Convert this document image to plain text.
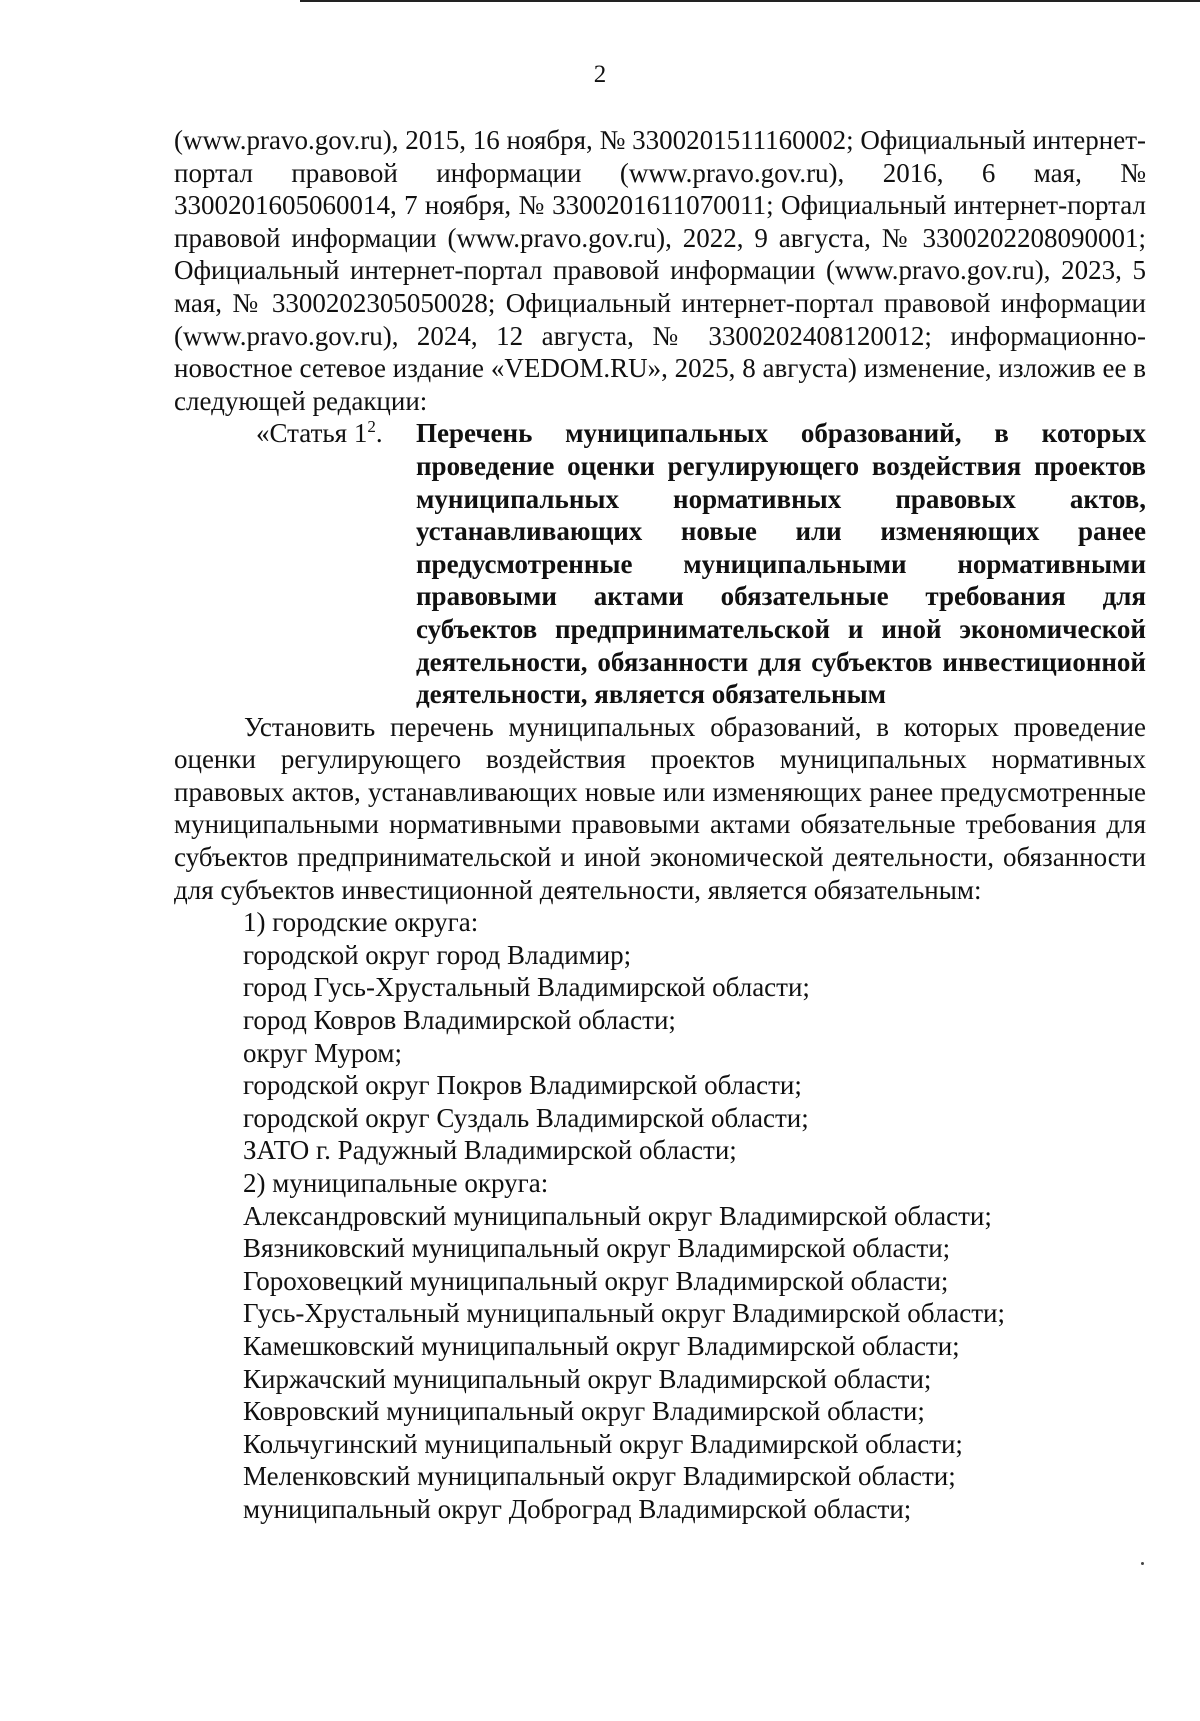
2

(www.pravo.gov.ru), 2015, 16 ноября, № 3300201511160002; Официальный интернет-портал правовой информации (www.pravo.gov.ru), 2016, 6 мая, № 3300201605060014, 7 ноября, № 3300201611070011; Официальный интернет-портал правовой информации (www.pravo.gov.ru), 2022, 9 августа, № 3300202208090001; Официальный интернет-портал правовой информации (www.pravo.gov.ru), 2023, 5 мая, № 3300202305050028; Официальный интернет-портал правовой информации (www.pravo.gov.ru), 2024, 12 августа, № 3300202408120012; информационно-новостное сетевое издание «VEDOM.RU», 2025, 8 августа) изменение, изложив ее в следующей редакции:

«Статья $1^2$. Перечень муниципальных образований, в которых проведение оценки регулирующего воздействия проектов муниципальных нормативных правовых актов, устанавливающих новые или изменяющих ранее предусмотренные муниципальными нормативными правовыми актами обязательные требования для субъектов предпринимательской и иной экономической деятельности, обязанности для субъектов инвестиционной деятельности, является обязательным

Установить перечень муниципальных образований, в которых проведение оценки регулирующего воздействия проектов муниципальных нормативных правовых актов, устанавливающих новые или изменяющих ранее предусмотренные муниципальными нормативными правовыми актами обязательные требования для субъектов предпринимательской и иной экономической деятельности, обязанности для субъектов инвестиционной деятельности, является обязательным:

1) городские округа:
городской округ город Владимир;
город Гусь-Хрустальный Владимирской области;
город Ковров Владимирской области;
округ Муром;
городской округ Покров Владимирской области;
городской округ Суздаль Владимирской области;
ЗАТО г. Радужный Владимирской области;
2) муниципальные округа:
Александровский муниципальный округ Владимирской области;
Вязниковский муниципальный округ Владимирской области;
Гороховецкий муниципальный округ Владимирской области;
Гусь-Хрустальный муниципальный округ Владимирской области;
Камешковский муниципальный округ Владимирской области;
Киржачский муниципальный округ Владимирской области;
Ковровский муниципальный округ Владимирской области;
Кольчугинский муниципальный округ Владимирской области;
Меленковский муниципальный округ Владимирской области;
муниципальный округ Доброград Владимирской области;
